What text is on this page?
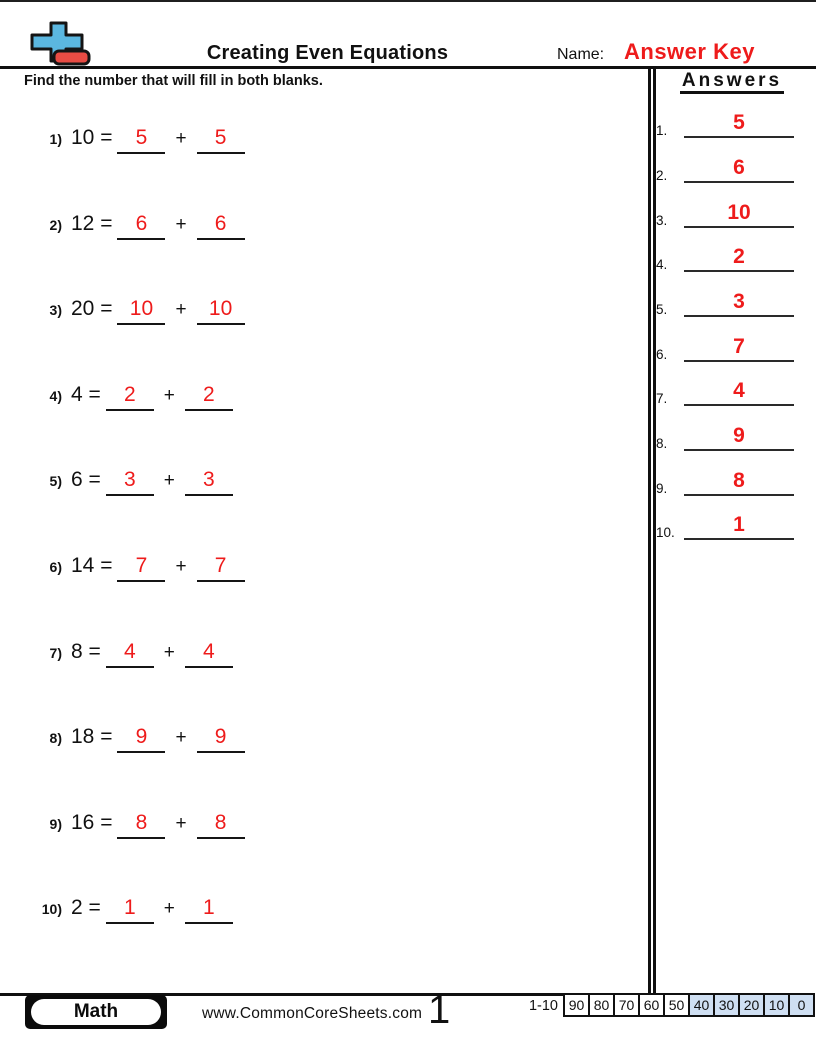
Creating Even Equations	Name: Answer Key
Find the number that will fill in both blanks.
1) 10 =	5	+	5
2) 12 =	6	+	6
3) 20 = 10	+	10
4) 4 =	2	+	2
5) 6 =	3	+	3
6) 14 =	7	+	7
7) 8 =	4	+	4
8) 18 =	9	+	9
9) 16 =	8	+	8
10) 2 =	1	+	1
Answers
1.	5
2.	6
3.	10
4.	2
5.	3
6.	7
7.	4
8.	9
9.	8
10.	1
Math	www.CommonCoreSheets.com 1	1-10 90 80 70 60 50 40 30 20 10 0
